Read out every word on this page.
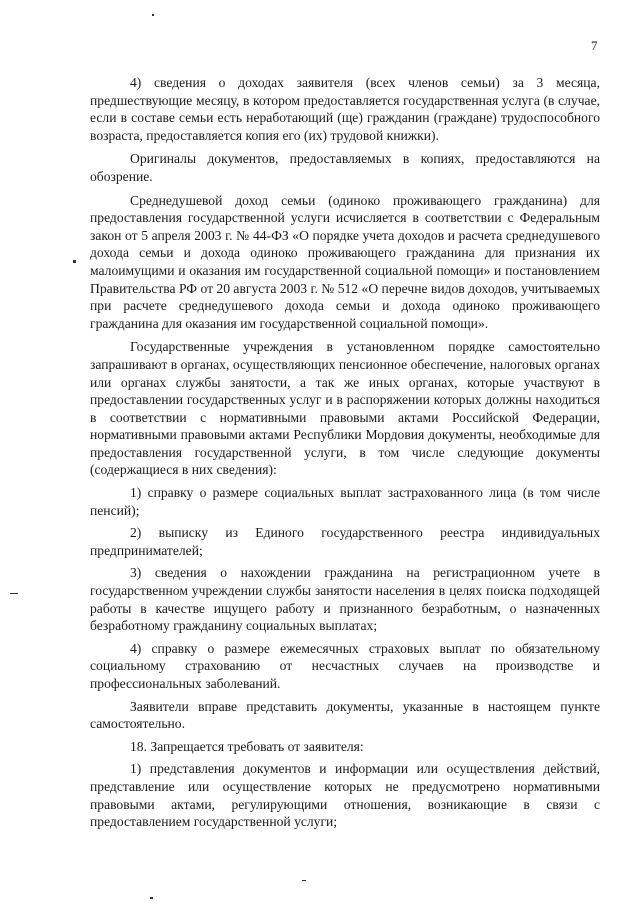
7

4) сведения о доходах заявителя (всех членов семьи) за 3 месяца, предшествующие месяцу, в котором предоставляется государственная услуга (в случае, если в составе семьи есть неработающий (ще) гражданин (граждане) трудоспособного возраста, предоставляется копия его (их) трудовой книжки).

Оригиналы документов, предоставляемых в копиях, предоставляются на обозрение.

Среднедушевой доход семьи (одиноко проживающего гражданина) для предоставления государственной услуги исчисляется в соответствии с Федеральным закон от 5 апреля 2003 г. № 44-ФЗ «О порядке учета доходов и расчета среднедушевого дохода семьи и дохода одиноко проживающего гражданина для признания их малоимущими и оказания им государственной социальной помощи» и постановлением Правительства РФ от 20 августа 2003 г. № 512 «О перечне видов доходов, учитываемых при расчете среднедушевого дохода семьи и дохода одиноко проживающего гражданина для оказания им государственной социальной помощи».

Государственные учреждения в установленном порядке самостоятельно запрашивают в органах, осуществляющих пенсионное обеспечение, налоговых органах или органах службы занятости, а так же иных органах, которые участвуют в предоставлении государственных услуг и в распоряжении которых должны находиться в соответствии с нормативными правовыми актами Российской Федерации, нормативными правовыми актами Республики Мордовия документы, необходимые для предоставления государственной услуги, в том числе следующие документы (содержащиеся в них сведения):

1) справку о размере социальных выплат застрахованного лица (в том числе пенсий);

2) выписку из Единого государственного реестра индивидуальных предпринимателей;

3) сведения о нахождении гражданина на регистрационном учете в государственном учреждении службы занятости населения в целях поиска подходящей работы в качестве ищущего работу и признанного безработным, о назначенных безработному гражданину социальных выплатах;

4) справку о размере ежемесячных страховых выплат по обязательному социальному страхованию от несчастных случаев на производстве и профессиональных заболеваний.

Заявители вправе представить документы, указанные в настоящем пункте самостоятельно.

18. Запрещается требовать от заявителя:

1) представления документов и информации или осуществления действий, представление или осуществление которых не предусмотрено нормативными правовыми актами, регулирующими отношения, возникающие в связи с предоставлением государственной услуги;
